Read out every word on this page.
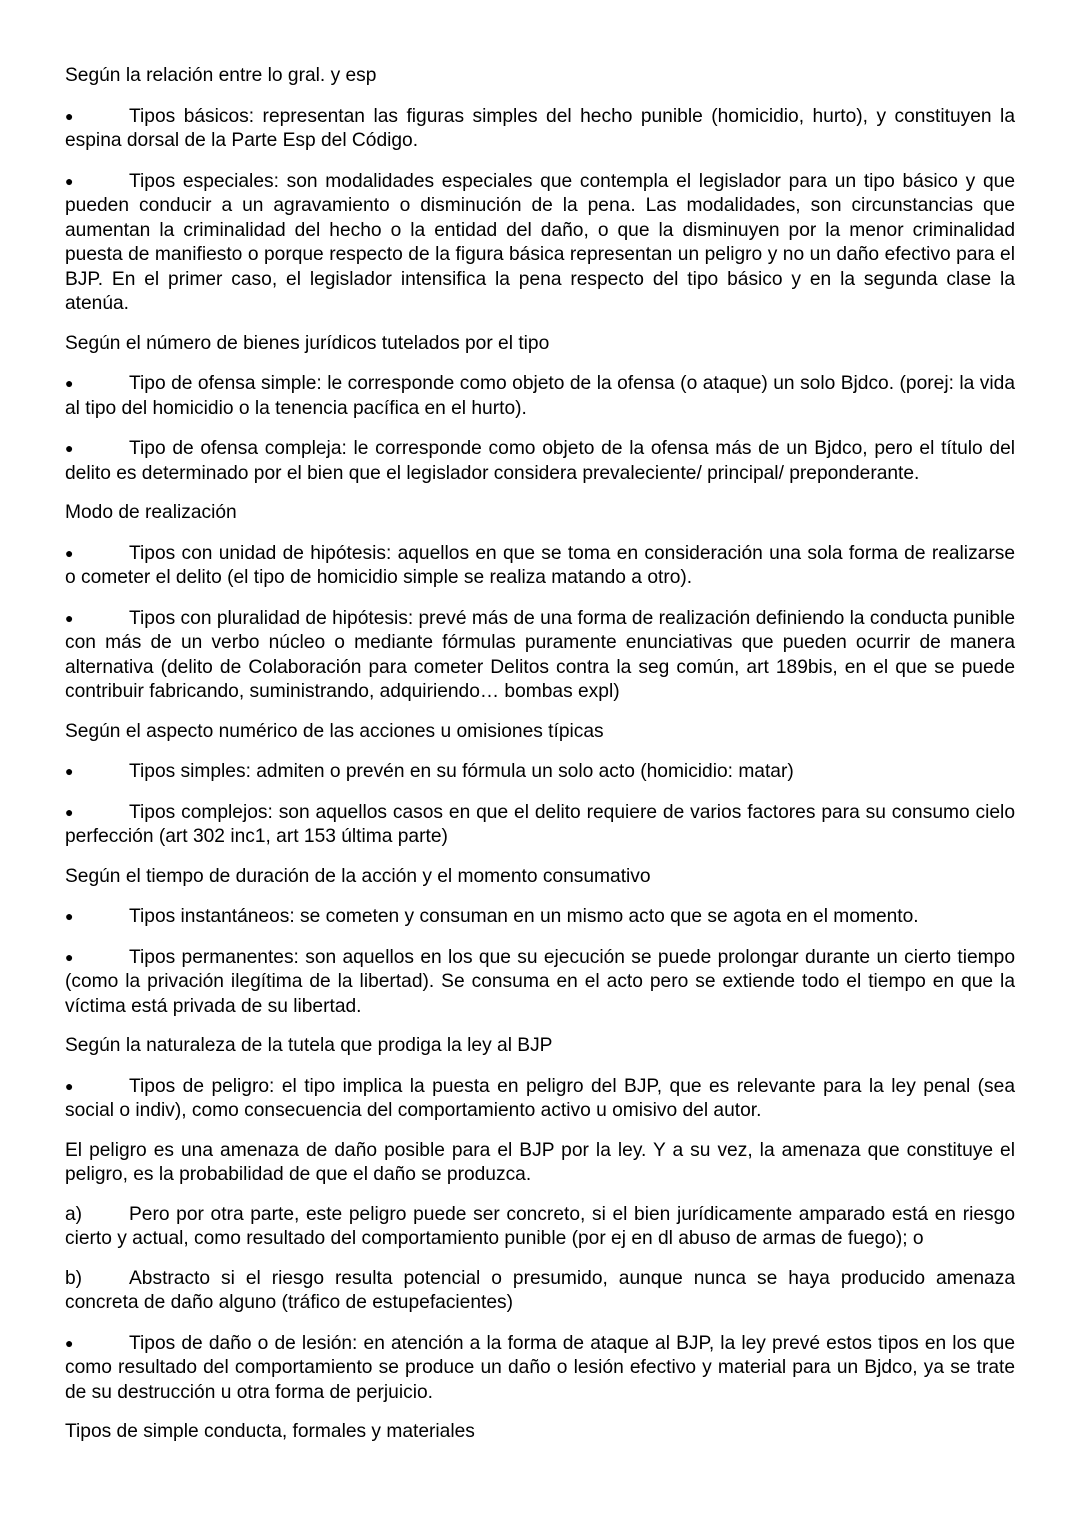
Según la relación entre lo gral. y esp

●	Tipos básicos: representan las figuras simples del hecho punible (homicidio, hurto), y constituyen la espina dorsal de la Parte Esp del Código.

●	Tipos especiales: son modalidades especiales que contempla el legislador para un tipo básico y que pueden conducir a un agravamiento o disminución de la pena. Las modalidades, son circunstancias que aumentan la criminalidad del hecho o la entidad del daño, o que la disminuyen por la menor criminalidad puesta de manifiesto o porque respecto de la figura básica representan un peligro y no un daño efectivo para el BJP. En el primer caso, el legislador intensifica la pena respecto del tipo básico y en la segunda clase la atenúa.

Según el número de bienes jurídicos tutelados por el tipo

●	Tipo de ofensa simple: le corresponde como objeto de la ofensa (o ataque) un solo Bjdco. (porej: la vida al tipo del homicidio o la tenencia pacífica en el hurto).

●	Tipo de ofensa compleja: le corresponde como objeto de la ofensa más de un Bjdco, pero el título del delito es determinado por el bien que el legislador considera prevaleciente/ principal/ preponderante.

Modo de realización

●	Tipos con unidad de hipótesis: aquellos en que se toma en consideración una sola forma de realizarse o cometer el delito (el tipo de homicidio simple se realiza matando a otro).

●	Tipos con pluralidad de hipótesis: prevé más de una forma de realización definiendo la conducta punible con más de un verbo núcleo o mediante fórmulas puramente enunciativas que pueden ocurrir de manera alternativa (delito de Colaboración para cometer Delitos contra la seg común, art 189bis, en el que se puede contribuir fabricando, suministrando, adquiriendo… bombas expl)

Según el aspecto numérico de las acciones u omisiones típicas

●	Tipos simples: admiten o prevén en su fórmula un solo acto (homicidio: matar)

●	Tipos complejos: son aquellos casos en que el delito requiere de varios factores para su consumo cielo perfección (art 302 inc1, art 153 última parte)

Según el tiempo de duración de la acción y el momento consumativo

●	Tipos instantáneos: se cometen y consuman en un mismo acto que se agota en el momento.

●	Tipos permanentes: son aquellos en los que su ejecución se puede prolongar durante un cierto tiempo (como la privación ilegítima de la libertad). Se consuma en el acto pero se extiende todo el tiempo en que la víctima está privada de su libertad.

Según la naturaleza de la tutela que prodiga la ley al BJP

●	Tipos de peligro: el tipo implica la puesta en peligro del BJP, que es relevante para la ley penal (sea social o indiv), como consecuencia del comportamiento activo u omisivo del autor.

El peligro es una amenaza de daño posible para el BJP por la ley. Y a su vez, la amenaza que constituye el peligro, es la probabilidad de que el daño se produzca.

a) Pero por otra parte, este peligro puede ser concreto, si el bien jurídicamente amparado está en riesgo cierto y actual, como resultado del comportamiento punible (por ej en dl abuso de armas de fuego); o

b) Abstracto si el riesgo resulta potencial o presumido, aunque nunca se haya producido amenaza concreta de daño alguno (tráfico de estupefacientes)

●	Tipos de daño o de lesión: en atención a la forma de ataque al BJP, la ley prevé estos tipos en los que como resultado del comportamiento se produce un daño o lesión efectivo y material para un Bjdco, ya se trate de su destrucción u otra forma de perjuicio.

Tipos de simple conducta, formales y materiales
